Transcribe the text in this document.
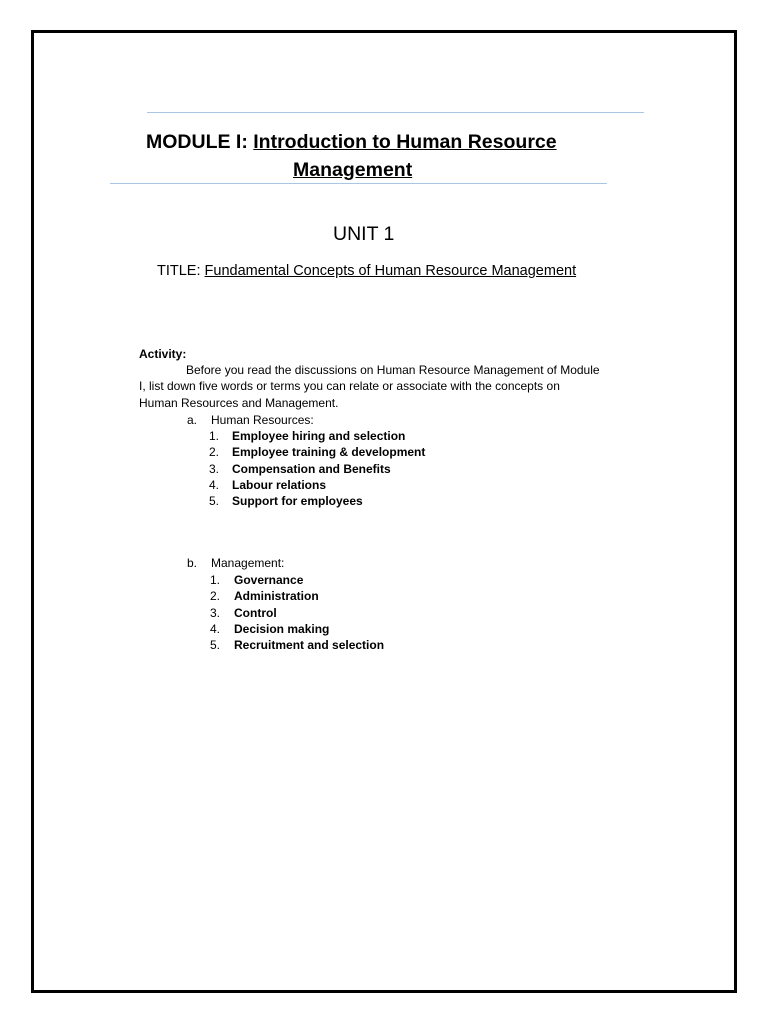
MODULE I: Introduction to Human Resource
Management
UNIT 1
TITLE: Fundamental Concepts of Human Resource Management
Activity:
Before you read the discussions on Human Resource Management of Module
I, list down five words or terms you can relate or associate with the concepts on
Human Resources and Management.
a. Human Resources:
1. Employee hiring and selection
2. Employee training & development
3. Compensation and Benefits
4. Labour relations
5. Support for employees
b. Management:
1. Governance
2. Administration
3. Control
4. Decision making
5. Recruitment and selection
